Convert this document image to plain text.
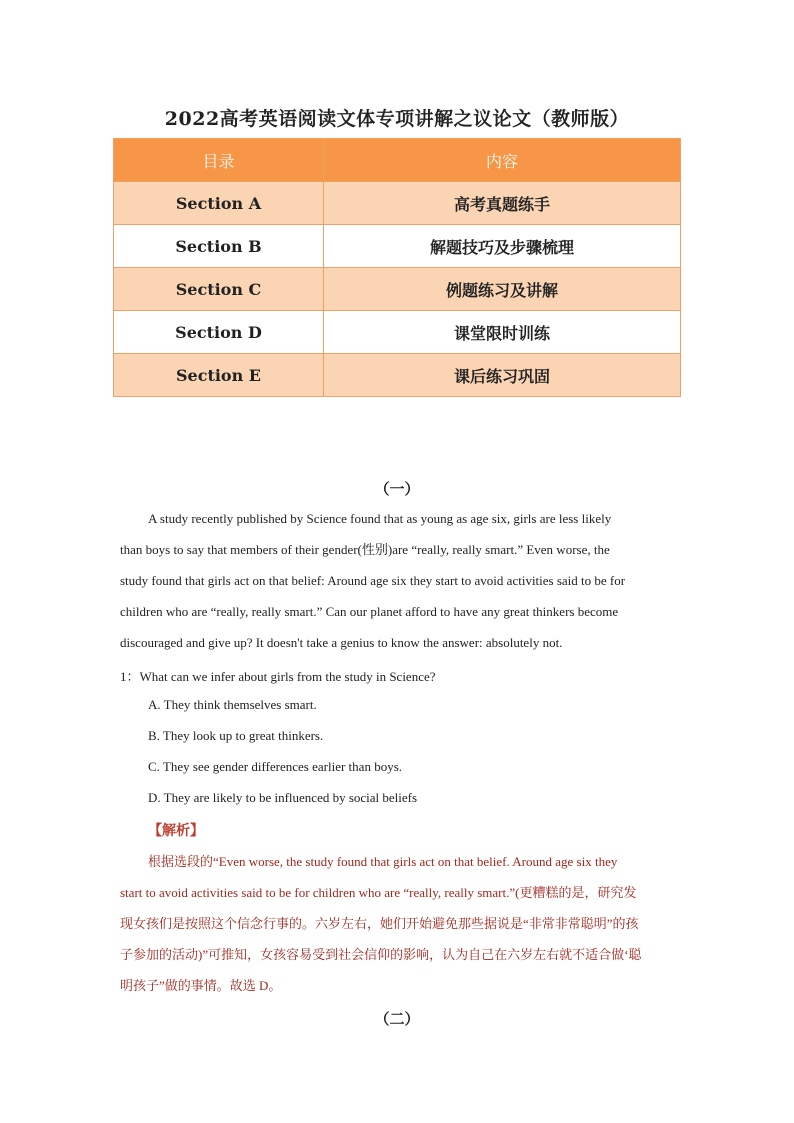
2022高考英语阅读文体专项讲解之议论文（教师版）
目录	内容
Section A	高考真题练手
Section B	解题技巧及步骤梳理
Section C	例题练习及讲解
Section D	课堂限时训练
Section E	课后练习巩固
（一）

A study recently published by Science found that as young as age six, girls are less likely

than boys to say that members of their gender(性别)are “really, really smart.” Even worse, the

study found that girls act on that belief: Around age six they start to avoid activities said to be for

children who are “really, really smart.” Can our planet afford to have any great thinkers become

discouraged and give up? It doesn't take a genius to know the answer: absolutely not.

1：What can we infer about girls from the study in Science?
A. They think themselves smart.
B. They look up to great thinkers.
C. They see gender differences earlier than boys.
D. They are likely to be influenced by social beliefs
【解析】
根据选段的“Even worse, the study found that girls act on that belief. Around age six they
start to avoid activities said to be for children who are “really, really smart.”(更糟糕的是，研究发
现女孩们是按照这个信念行事的。六岁左右，她们开始避免那些据说是“非常非常聪明”的孩
子参加的活动)”可推知，女孩容易受到社会信仰的影响，认为自己在六岁左右就不适合做‘聪
明孩子”做的事情。故选 D。
（二）
